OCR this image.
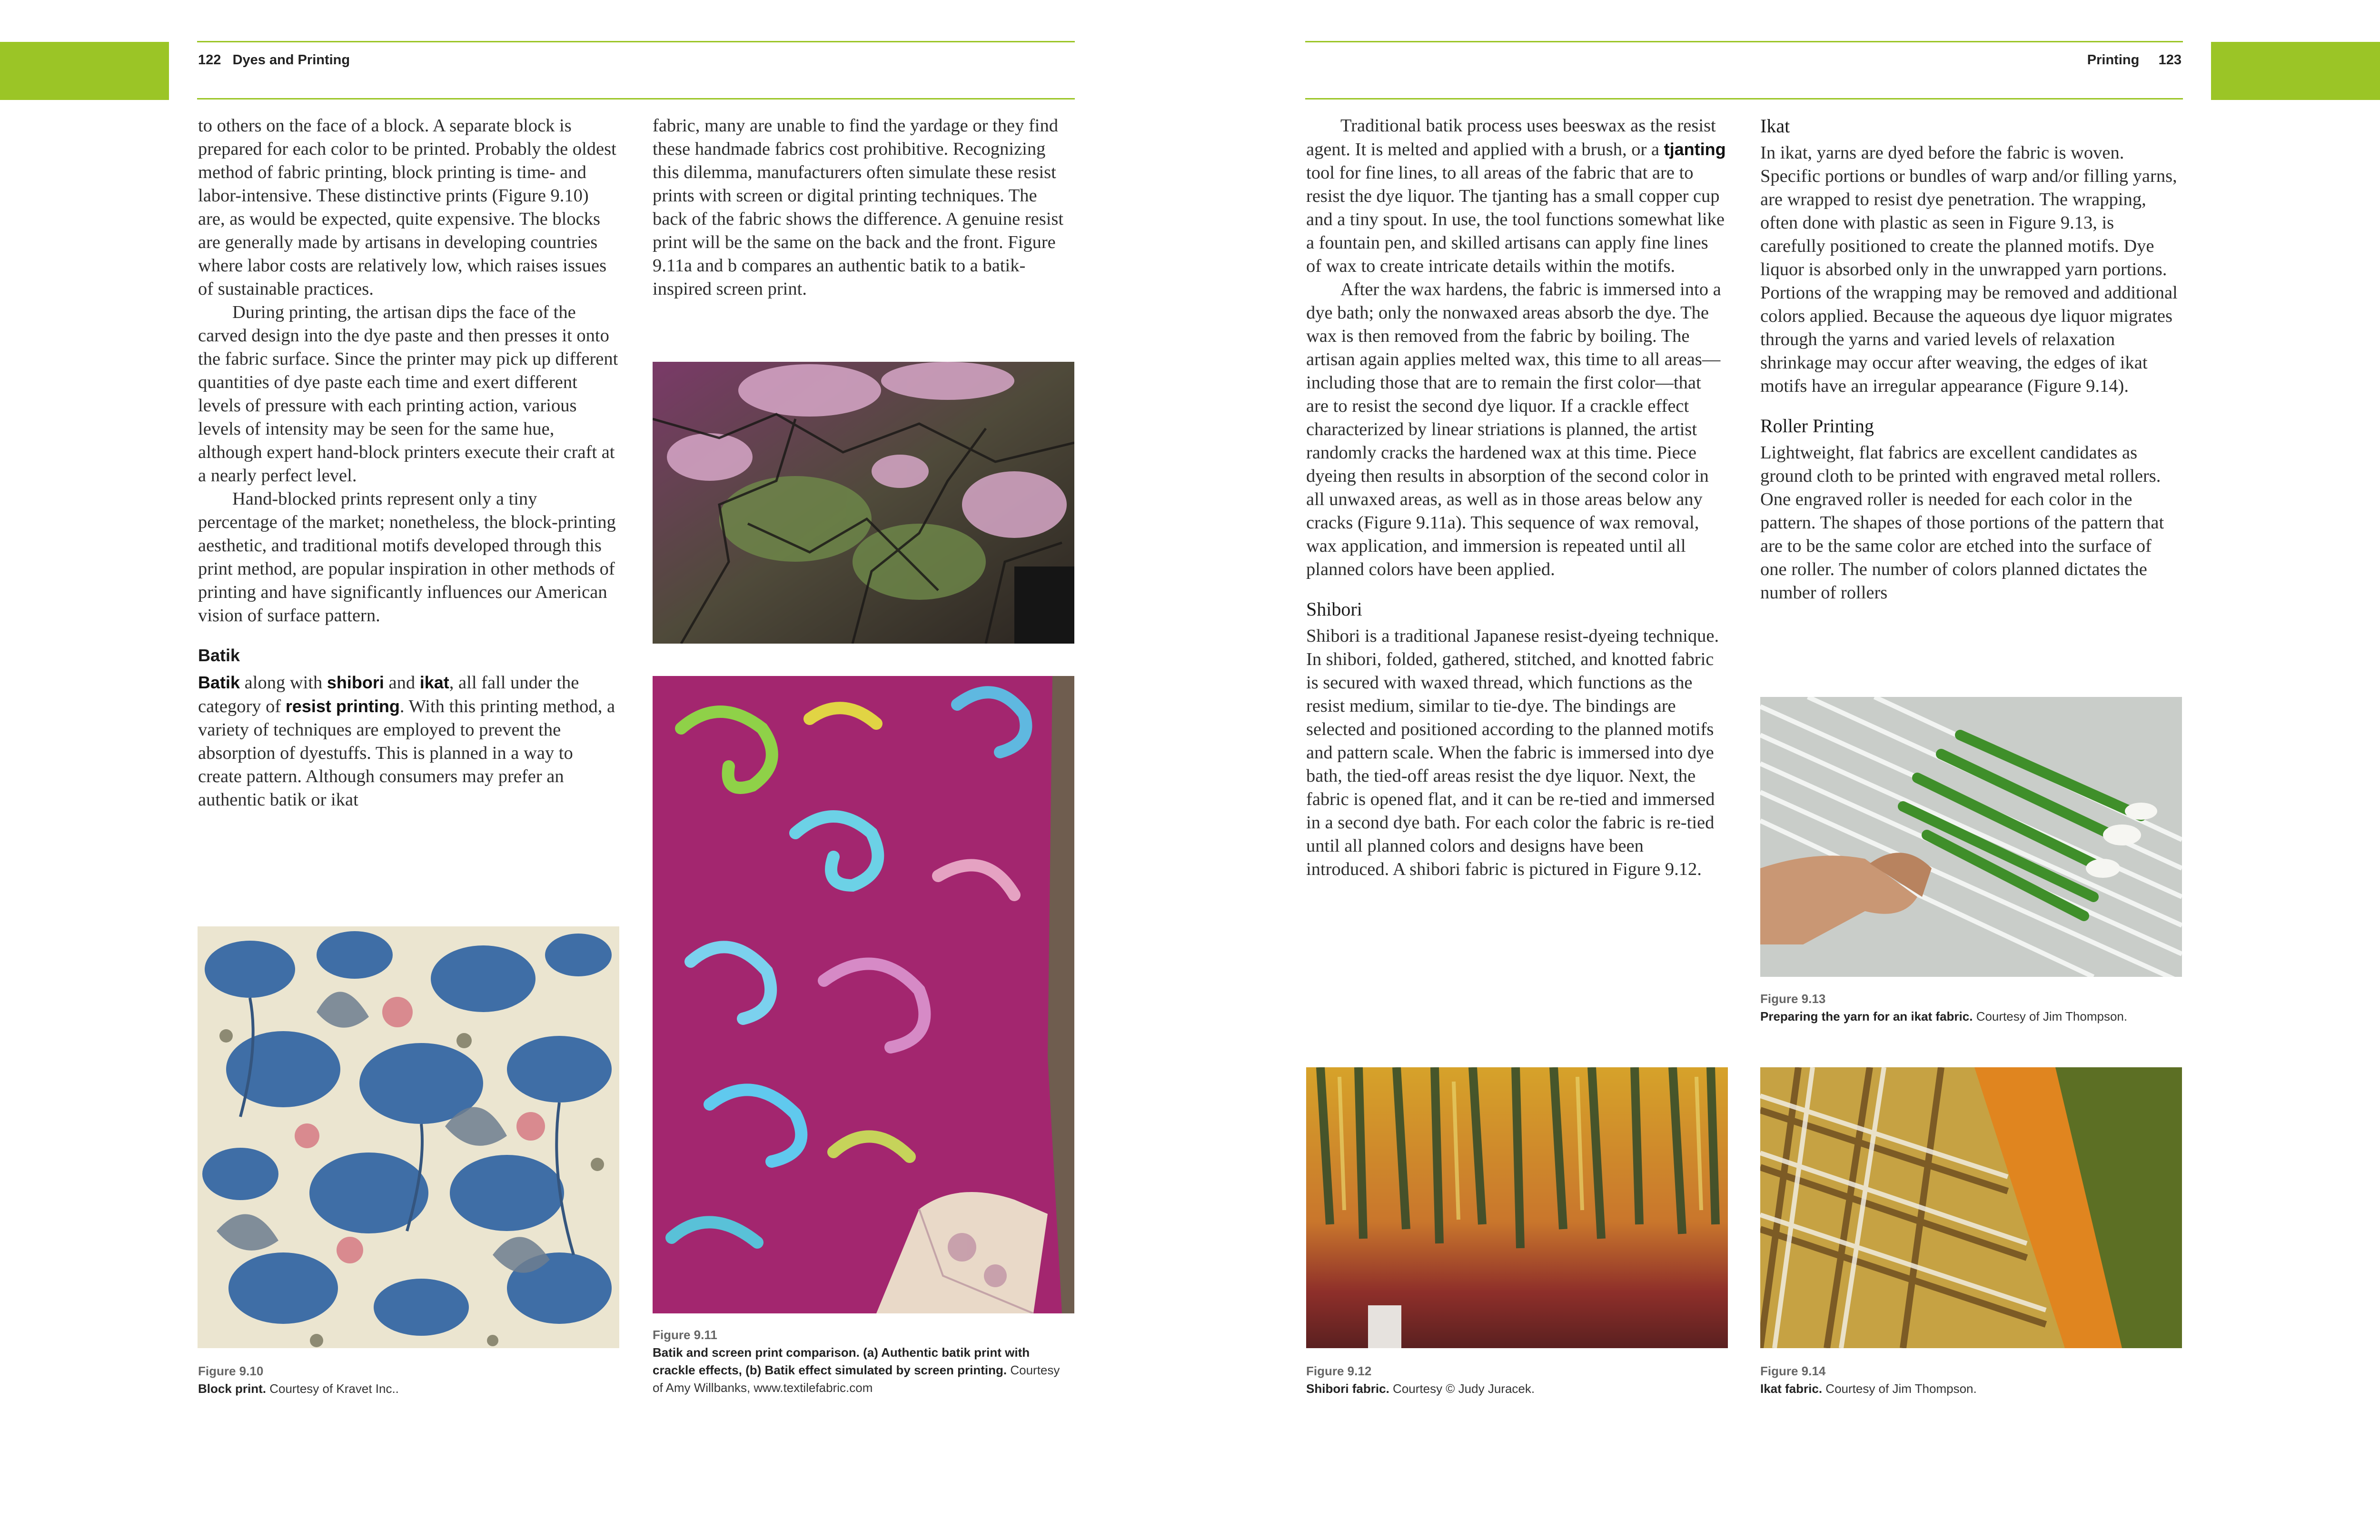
122 Dyes and Printing	Printing 123

to others on the face of a block. A separate block is prepared for each color to be printed. Probably the oldest method of fabric printing, block printing is time- and labor-intensive. These distinctive prints (Figure 9.10) are, as would be expected, quite expensive. The blocks are generally made by artisans in developing countries where labor costs are relatively low, which raises issues of sustainable practices.

During printing, the artisan dips the face of the carved design into the dye paste and then presses it onto the fabric surface. Since the printer may pick up different quantities of dye paste each time and exert different levels of pressure with each printing action, various levels of intensity may be seen for the same hue, although expert hand-block printers execute their craft at a nearly perfect level.

Hand-blocked prints represent only a tiny percentage of the market; nonetheless, the block-printing aesthetic, and traditional motifs developed through this print method, are popular inspiration in other methods of printing and have significantly influences our American vision of surface pattern.

Batik

Batik along with shibori and ikat, all fall under the category of resist printing. With this printing method, a variety of techniques are employed to prevent the absorption of dyestuffs. This is planned in a way to create pattern. Although consumers may prefer an authentic batik or ikat

fabric, many are unable to find the yardage or they find these handmade fabrics cost prohibitive. Recognizing this dilemma, manufacturers often simulate these resist prints with screen or digital printing techniques. The back of the fabric shows the difference. A genuine resist print will be the same on the back and the front. Figure 9.11a and b compares an authentic batik to a batik-inspired screen print.

Figure 9.10
Block print. Courtesy of Kravet Inc..
Figure 9.11
Batik and screen print comparison. (a) Authentic batik print with crackle effects, (b) Batik effect simulated by screen printing. Courtesy of Amy Willbanks, www.textilefabric.com

Traditional batik process uses beeswax as the resist agent. It is melted and applied with a brush, or a tjanting tool for fine lines, to all areas of the fabric that are to resist the dye liquor. The tjanting has a small copper cup and a tiny spout. In use, the tool functions somewhat like a fountain pen, and skilled artisans can apply fine lines of wax to create intricate details within the motifs.

After the wax hardens, the fabric is immersed into a dye bath; only the nonwaxed areas absorb the dye. The wax is then removed from the fabric by boiling. The artisan again applies melted wax, this time to all areas—including those that are to remain the first color—that are to resist the second dye liquor. If a crackle effect characterized by linear striations is planned, the artist randomly cracks the hardened wax at this time. Piece dyeing then results in absorption of the second color in all unwaxed areas, as well as in those areas below any cracks (Figure 9.11a). This sequence of wax removal, wax application, and immersion is repeated until all planned colors have been applied.

Shibori

Shibori is a traditional Japanese resist-dyeing technique. In shibori, folded, gathered, stitched, and knotted fabric is secured with waxed thread, which functions as the resist medium, similar to tie-dye. The bindings are selected and positioned according to the planned motifs and pattern scale. When the fabric is immersed into dye bath, the tied-off areas resist the dye liquor. Next, the fabric is opened flat, and it can be re-tied and immersed in a second dye bath. For each color the fabric is re-tied until all planned colors and designs have been introduced. A shibori fabric is pictured in Figure 9.12.

Ikat

In ikat, yarns are dyed before the fabric is woven. Specific portions or bundles of warp and/or filling yarns, are wrapped to resist dye penetration. The wrapping, often done with plastic as seen in Figure 9.13, is carefully positioned to create the planned motifs. Dye liquor is absorbed only in the unwrapped yarn portions. Portions of the wrapping may be removed and additional colors applied. Because the aqueous dye liquor migrates through the yarns and varied levels of relaxation shrinkage may occur after weaving, the edges of ikat motifs have an irregular appearance (Figure 9.14).

Roller Printing

Lightweight, flat fabrics are excellent candidates as ground cloth to be printed with engraved metal rollers. One engraved roller is needed for each color in the pattern. The shapes of those portions of the pattern that are to be the same color are etched into the surface of one roller. The number of colors planned dictates the number of rollers

Figure 9.13
Preparing the yarn for an ikat fabric. Courtesy of Jim Thompson.
Figure 9.12
Shibori fabric. Courtesy © Judy Juracek.
Figure 9.14
Ikat fabric. Courtesy of Jim Thompson.
